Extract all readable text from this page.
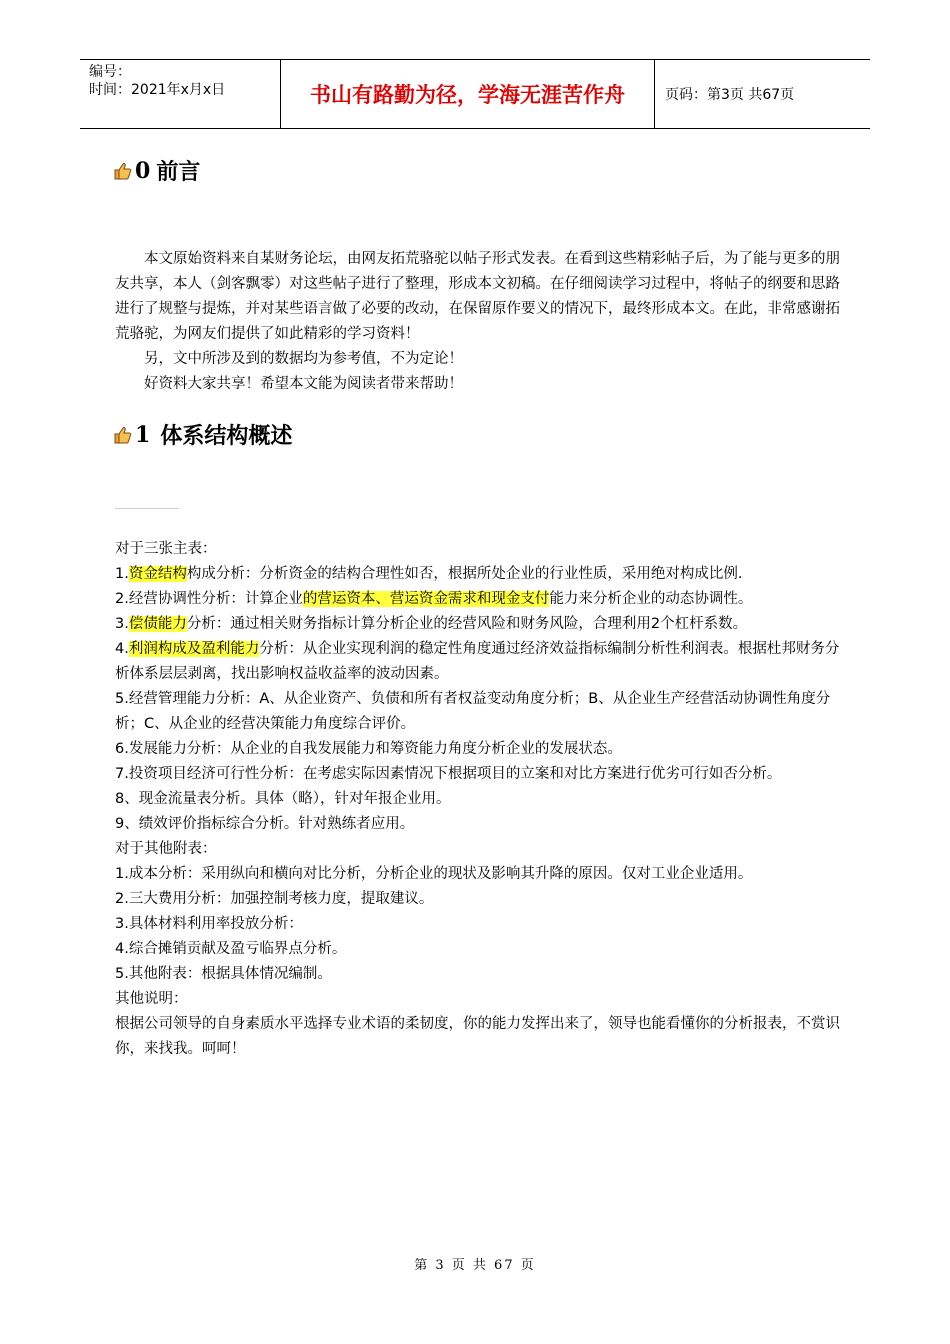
编号：
时间：2021年x月x日	书山有路勤为径，学海无涯苦作舟	页码：第3页 共67页
0 前言

本文原始资料来自某财务论坛，由网友拓荒骆驼以帖子形式发表。在看到这些精彩帖子后，为了能与更多的朋友共享，本人（剑客飘零）对这些帖子进行了整理，形成本文初稿。在仔细阅读学习过程中，将帖子的纲要和思路进行了规整与提炼，并对某些语言做了必要的改动，在保留原作要义的情况下，最终形成本文。在此，非常感谢拓荒骆驼，为网友们提供了如此精彩的学习资料！

另，文中所涉及到的数据均为参考值，不为定论！

好资料大家共享！希望本文能为阅读者带来帮助！

1 体系结构概述

对于三张主表：

1.资金结构构成分析：分析资金的结构合理性如否，根据所处企业的行业性质，采用绝对构成比例.

2.经营协调性分析：计算企业的营运资本、营运资金需求和现金支付能力来分析企业的动态协调性。

3.偿债能力分析：通过相关财务指标计算分析企业的经营风险和财务风险，合理利用2个杠杆系数。

4.利润构成及盈利能力分析：从企业实现利润的稳定性角度通过经济效益指标编制分析性利润表。根据杜邦财务分析体系层层剥离，找出影响权益收益率的波动因素。

5.经营管理能力分析：A、从企业资产、负债和所有者权益变动角度分析；B、从企业生产经营活动协调性角度分析；C、从企业的经营决策能力角度综合评价。

6.发展能力分析：从企业的自我发展能力和筹资能力角度分析企业的发展状态。

7.投资项目经济可行性分析：在考虑实际因素情况下根据项目的立案和对比方案进行优劣可行如否分析。

8、现金流量表分析。具体（略），针对年报企业用。

9、绩效评价指标综合分析。针对熟练者应用。

对于其他附表：

1.成本分析：采用纵向和横向对比分析，分析企业的现状及影响其升降的原因。仅对工业企业适用。

2.三大费用分析：加强控制考核力度，提取建议。

3.具体材料利用率投放分析：

4.综合摊销贡献及盈亏临界点分析。

5.其他附表：根据具体情况编制。

其他说明：

根据公司领导的自身素质水平选择专业术语的柔韧度，你的能力发挥出来了，领导也能看懂你的分析报表，不赏识你，来找我。呵呵！

第 3 页 共 67 页
